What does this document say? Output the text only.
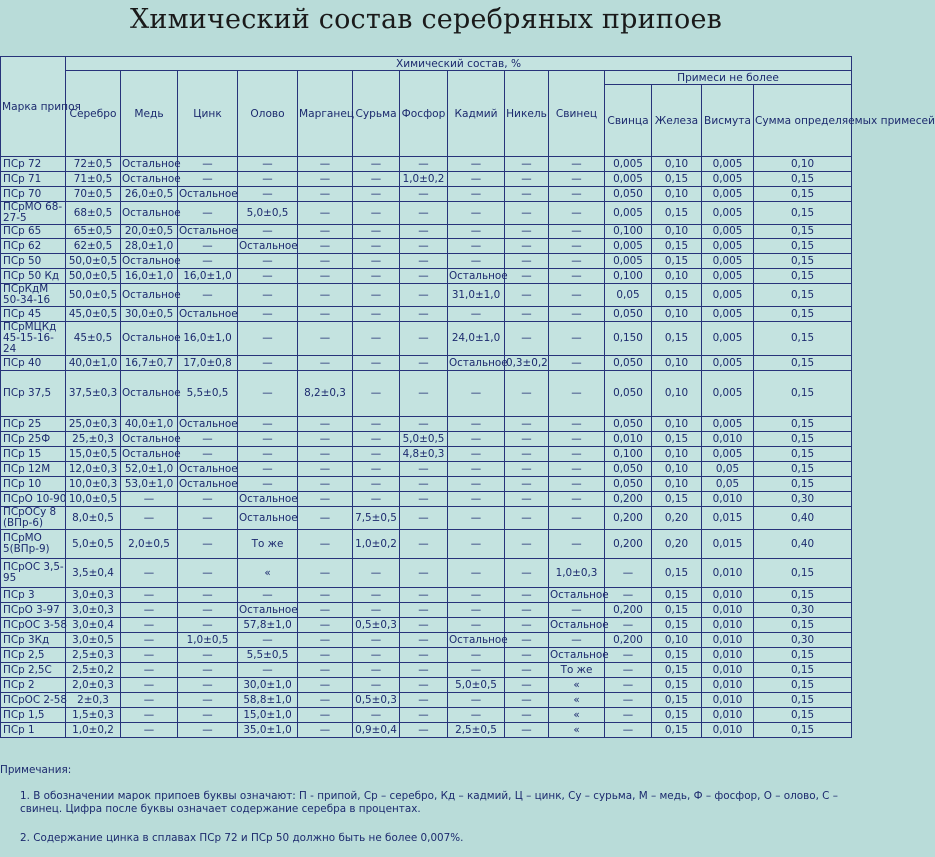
Химический состав серебряных припоев
Марка припоя	Химический состав, %													
	Серебро	Медь	Цинк	Олово	Марганец	Сурьма	Фосфор	Кадмий	Никель	Свинец	Примеси не более			
											Свинца	Железа	Висмута	Сумма определяемых примесей
ПСр 72	72±0,5	Остальное	—	—	—	—	—	—	—	—	0,005	0,10	0,005	0,10
ПСр 71	71±0,5	Остальное	—	—	—	—	1,0±0,2	—	—	—	0,005	0,15	0,005	0,15
ПСр 70	70±0,5	26,0±0,5	Остальное	—	—	—	—	—	—	—	0,050	0,10	0,005	0,15
ПСрМО 68-27-5	68±0,5	Остальное	—	5,0±0,5	—	—	—	—	—	—	0,005	0,15	0,005	0,15
ПСр 65	65±0,5	20,0±0,5	Остальное	—	—	—	—	—	—	—	0,100	0,10	0,005	0,15
ПСр 62	62±0,5	28,0±1,0	—	Остальное	—	—	—	—	—	—	0,005	0,15	0,005	0,15
ПСр 50	50,0±0,5	Остальное	—	—	—	—	—	—	—	—	0,005	0,15	0,005	0,15
ПСр 50 Кд	50,0±0,5	16,0±1,0	16,0±1,0	—	—	—	—	Остальное	—	—	0,100	0,10	0,005	0,15
ПСрКдМ 50-34-16	50,0±0,5	Остальное	—	—	—	—	—	31,0±1,0	—	—	0,05	0,15	0,005	0,15
ПСр 45	45,0±0,5	30,0±0,5	Остальное	—	—	—	—	—	—	—	0,050	0,10	0,005	0,15
ПСрМЦКд 45-15-16-24	45±0,5	Остальное	16,0±1,0	—	—	—	—	24,0±1,0	—	—	0,150	0,15	0,005	0,15
ПСр 40	40,0±1,0	16,7±0,7	17,0±0,8	—	—	—	—	Остальное	0,3±0,2	—	0,050	0,10	0,005	0,15
ПСр 37,5	37,5±0,3	Остальное	5,5±0,5	—	8,2±0,3	—	—	—	—	—	0,050	0,10	0,005	0,15
ПСр 25	25,0±0,3	40,0±1,0	Остальное	—	—	—	—	—	—	—	0,050	0,10	0,005	0,15
ПСр 25Ф	25,±0,3	Остальное	—	—	—	—	5,0±0,5	—	—	—	0,010	0,15	0,010	0,15
ПСр 15	15,0±0,5	Остальное	—	—	—	—	4,8±0,3	—	—	—	0,100	0,10	0,005	0,15
ПСр 12М	12,0±0,3	52,0±1,0	Остальное	—	—	—	—	—	—	—	0,050	0,10	0,05	0,15
ПСр 10	10,0±0,3	53,0±1,0	Остальное	—	—	—	—	—	—	—	0,050	0,10	0,05	0,15
ПСрО 10-90	10,0±0,5	—	—	Остальное	—	—	—	—	—	—	0,200	0,15	0,010	0,30
ПСрОСу 8 (ВПр-6)	8,0±0,5	—	—	Остальное	—	7,5±0,5	—	—	—	—	0,200	0,20	0,015	0,40
ПСрМО 5(ВПр-9)	5,0±0,5	2,0±0,5	—	То же	—	1,0±0,2	—	—	—	—	0,200	0,20	0,015	0,40
ПСрОС 3,5-95	3,5±0,4	—	—	«	—	—	—	—	—	1,0±0,3	—	0,15	0,010	0,15
ПСр 3	3,0±0,3	—	—	—	—	—	—	—	—	Остальное	—	0,15	0,010	0,15
ПСрО 3-97	3,0±0,3	—	—	Остальное	—	—	—	—	—	—	0,200	0,15	0,010	0,30
ПСрОС 3-58	3,0±0,4	—	—	57,8±1,0	—	0,5±0,3	—	—	—	Остальное	—	0,15	0,010	0,15
ПСр 3Кд	3,0±0,5	—	1,0±0,5	—	—	—	—	Остальное	—	—	0,200	0,10	0,010	0,30
ПСр 2,5	2,5±0,3	—	—	5,5±0,5	—	—	—	—	—	Остальное	—	0,15	0,010	0,15
ПСр 2,5С	2,5±0,2	—	—	—	—	—	—	—	—	То же	—	0,15	0,010	0,15
ПСр 2	2,0±0,3	—	—	30,0±1,0	—	—	—	5,0±0,5	—	«	—	0,15	0,010	0,15
ПСрОС 2-58	2±0,3	—	—	58,8±1,0	—	0,5±0,3	—	—	—	«	—	0,15	0,010	0,15
ПСр 1,5	1,5±0,3	—	—	15,0±1,0	—	—	—	—	—	«	—	0,15	0,010	0,15
ПСр 1	1,0±0,2	—	—	35,0±1,0	—	0,9±0,4	—	2,5±0,5	—	«	—	0,15	0,010	0,15
Примечания:
1. В обозначении марок припоев буквы означают: П - припой, Ср – серебро, Кд – кадмий, Ц – цинк, Су – сурьма, М – медь, Ф – фосфор, О – олово, С – свинец. Цифра после буквы означает содержание серебра в процентах.
2. Содержание цинка в сплавах ПСр 72 и ПСр 50 должно быть не более 0,007%.
